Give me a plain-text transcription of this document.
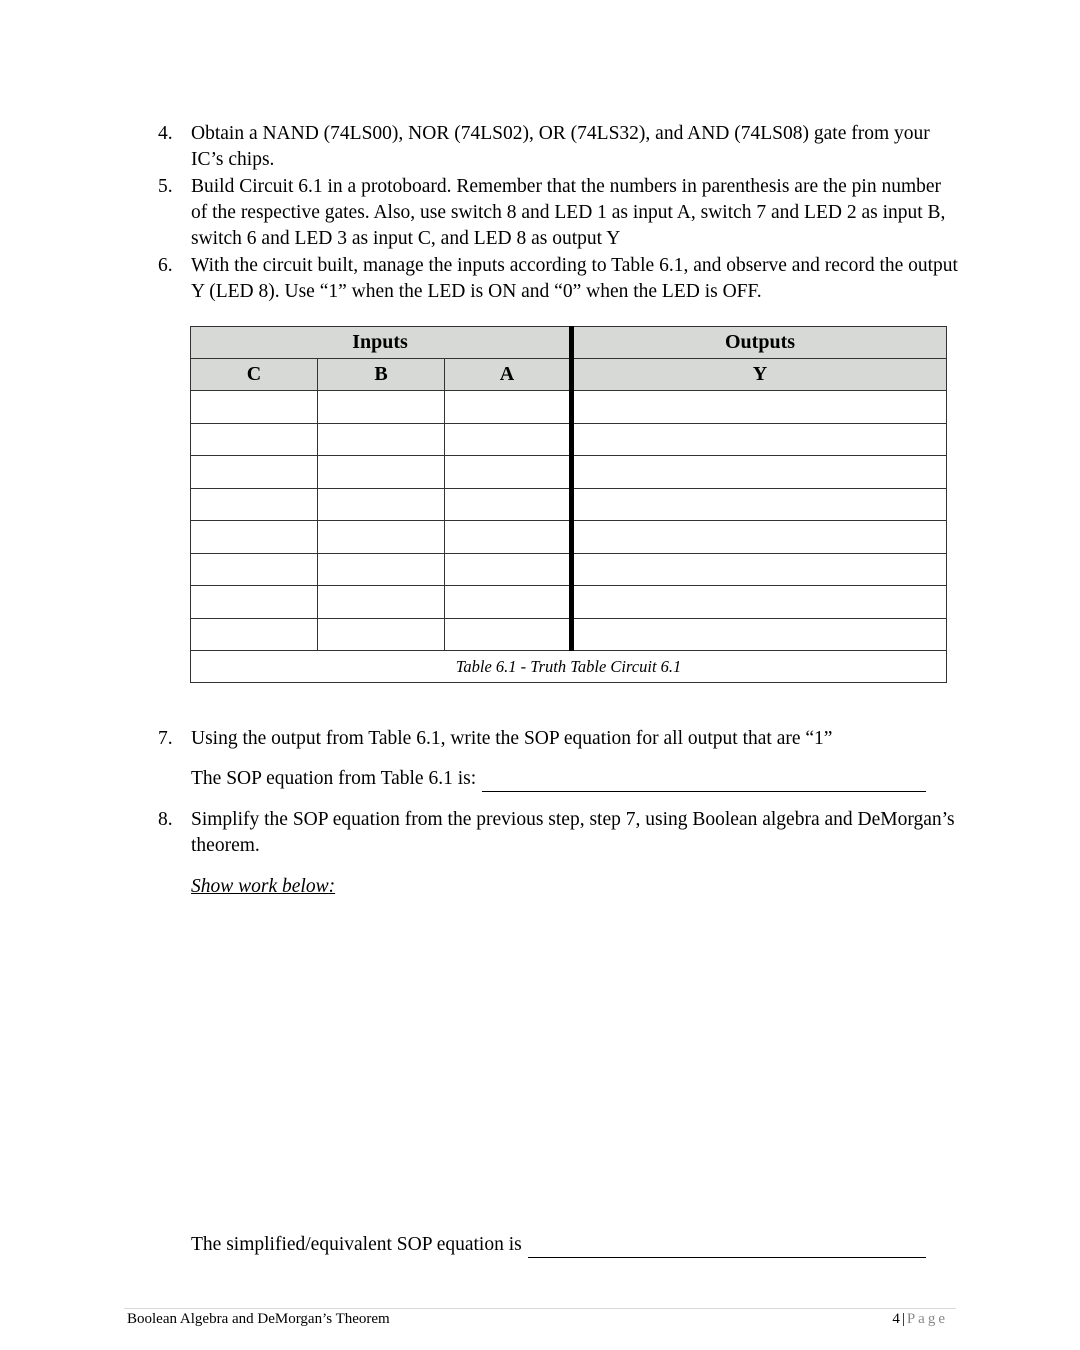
4. Obtain a NAND (74LS00), NOR (74LS02), OR (74LS32), and AND (74LS08) gate from your IC’s chips.
5. Build Circuit 6.1 in a protoboard. Remember that the numbers in parenthesis are the pin number of the respective gates. Also, use switch 8 and LED 1 as input A, switch 7 and LED 2 as input B, switch 6 and LED 3 as input C, and LED 8 as output Y
6. With the circuit built, manage the inputs according to Table 6.1, and observe and record the output Y (LED 8). Use “1” when the LED is ON and “0” when the LED is OFF.
Inputs			Outputs
C	B	A	Y

Table 6.1 - Truth Table Circuit 6.1			
7. Using the output from Table 6.1, write the SOP equation for all output that are “1”
The SOP equation from Table 6.1 is:
8. Simplify the SOP equation from the previous step, step 7, using Boolean algebra and DeMorgan’s theorem.
Show work below:
The simplified/equivalent SOP equation is
Boolean Algebra and DeMorgan’s Theorem	4 | Page
